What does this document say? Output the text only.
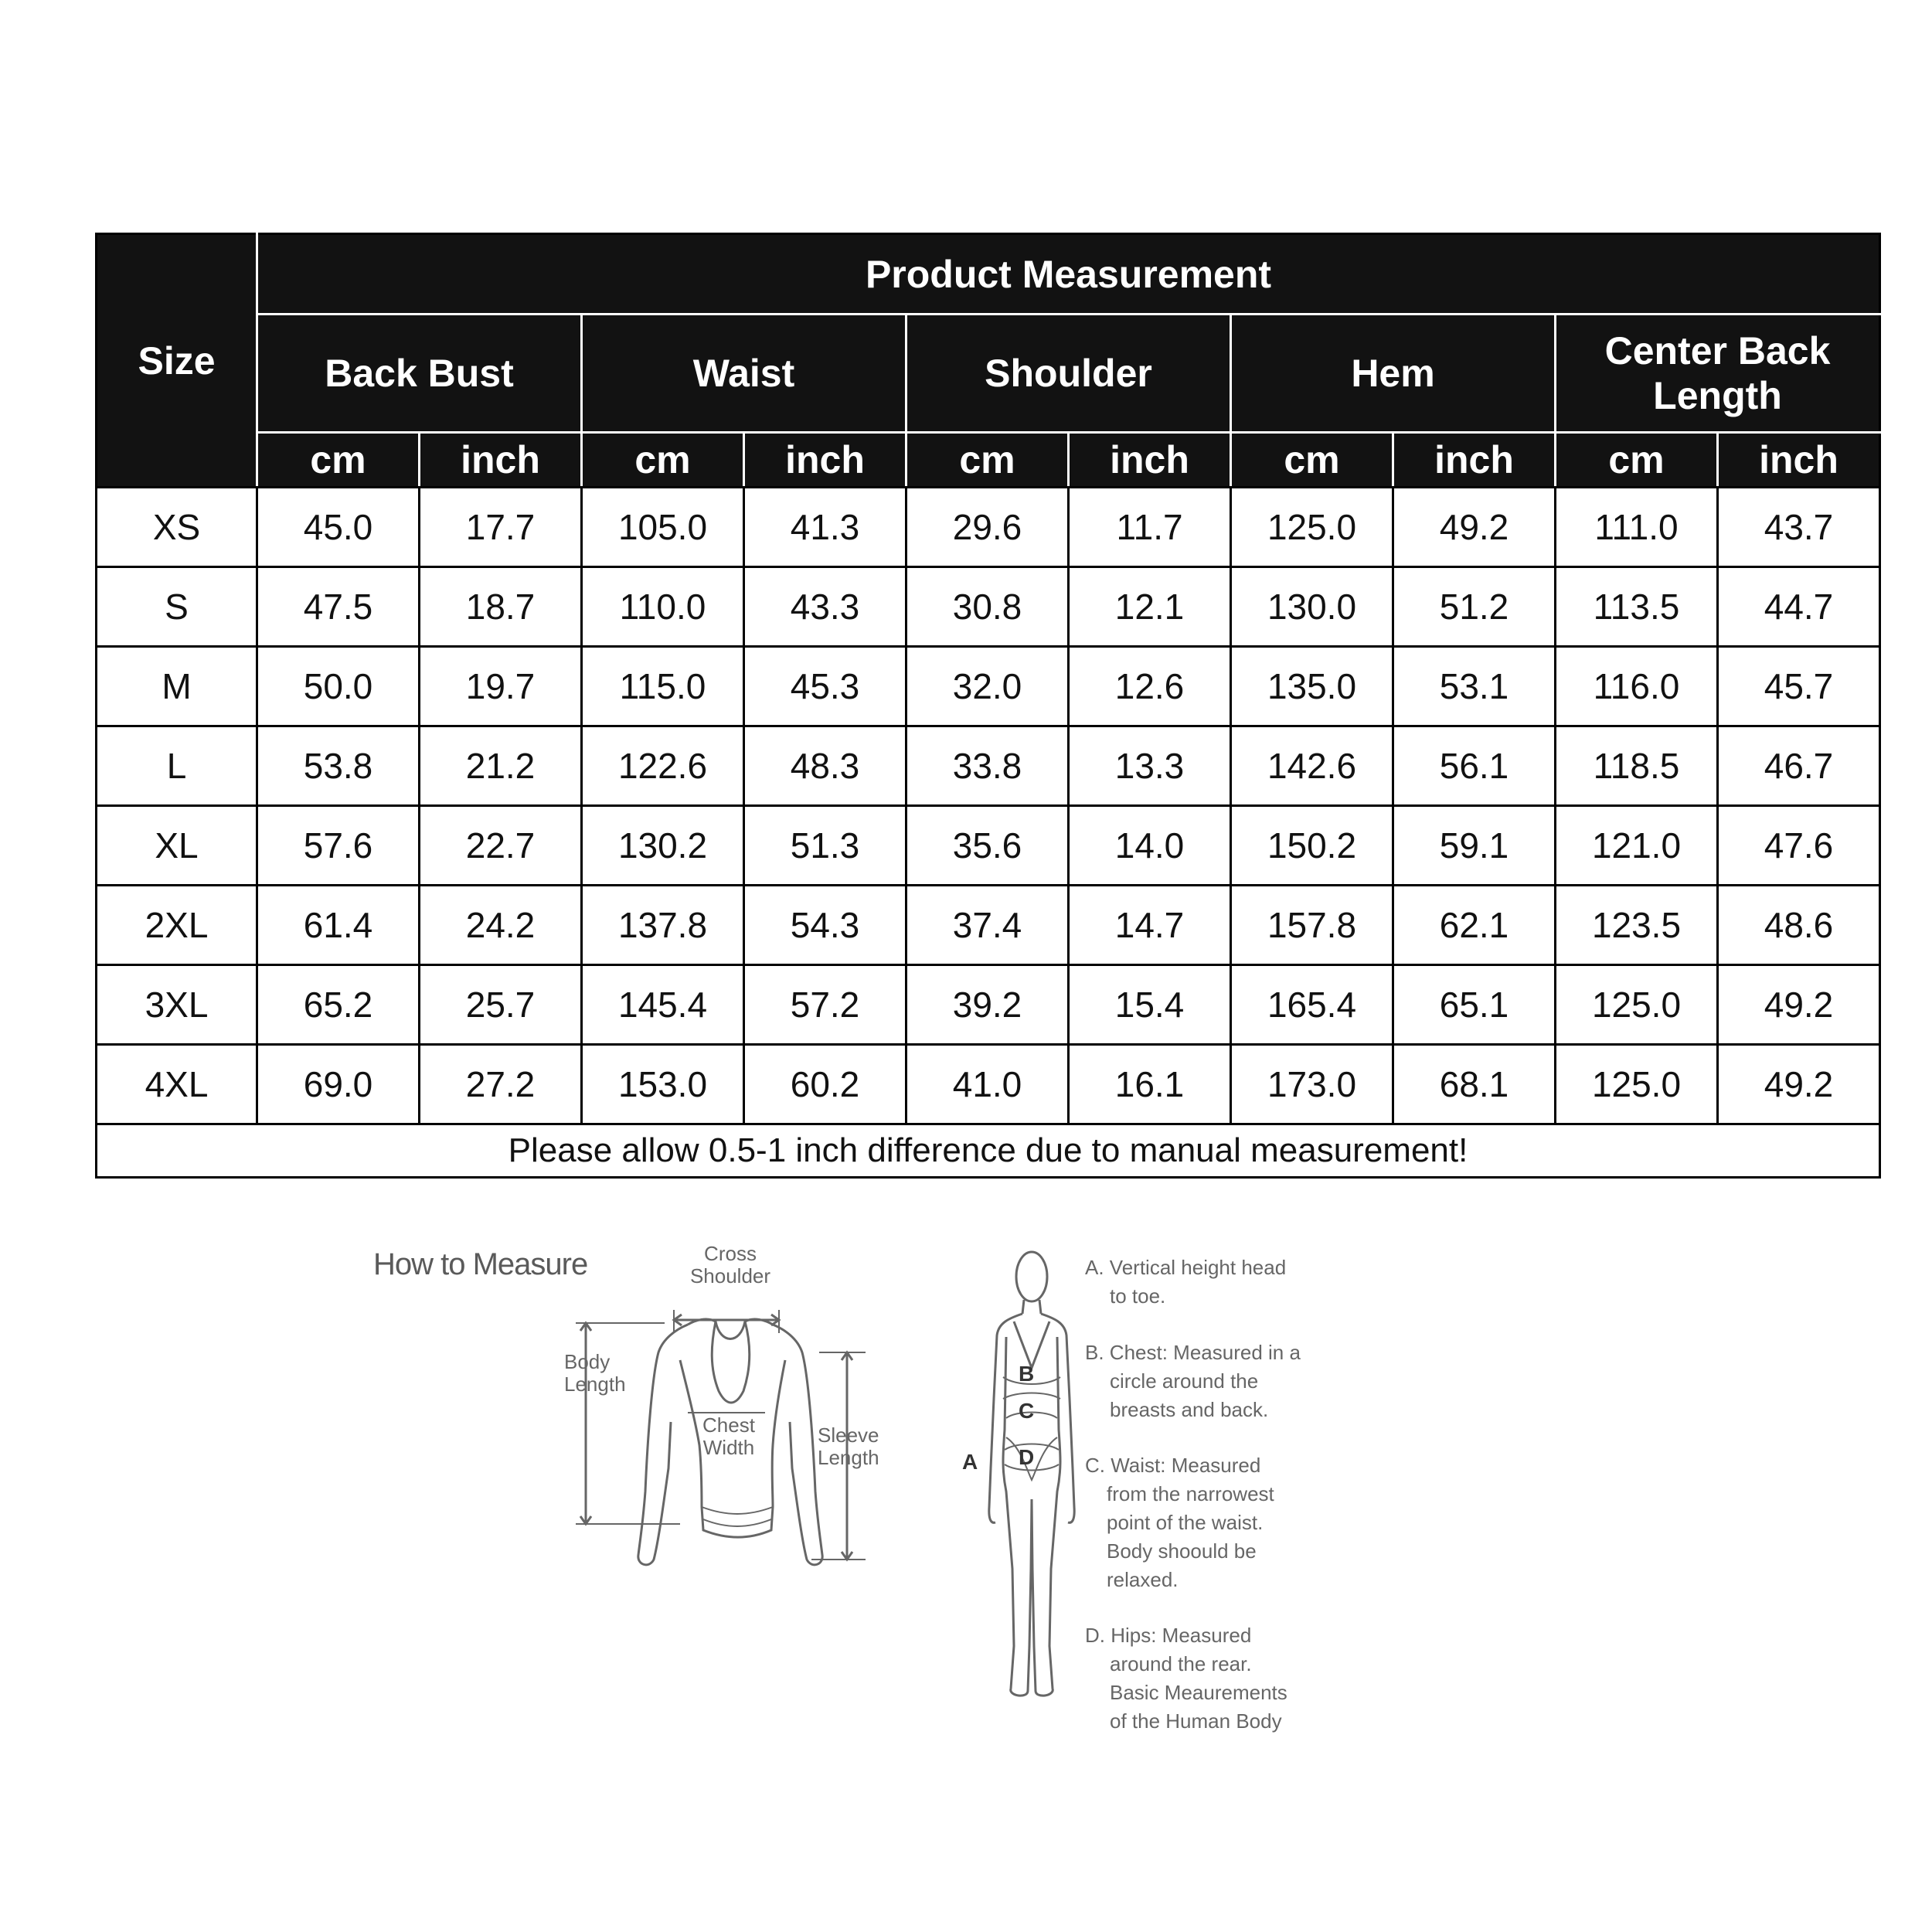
Size	Product Measurement									
	Back Bust		Waist		Shoulder		Hem		Center Back
Length	
	cm	inch	cm	inch	cm	inch	cm	inch	cm	inch
XS	45.0	17.7	105.0	41.3	29.6	11.7	125.0	49.2	111.0	43.7
S	47.5	18.7	110.0	43.3	30.8	12.1	130.0	51.2	113.5	44.7
M	50.0	19.7	115.0	45.3	32.0	12.6	135.0	53.1	116.0	45.7
L	53.8	21.2	122.6	48.3	33.8	13.3	142.6	56.1	118.5	46.7
XL	57.6	22.7	130.2	51.3	35.6	14.0	150.2	59.1	121.0	47.6
2XL	61.4	24.2	137.8	54.3	37.4	14.7	157.8	62.1	123.5	48.6
3XL	65.2	25.7	145.4	57.2	39.2	15.4	165.4	65.1	125.0	49.2
4XL	69.0	27.2	153.0	60.2	41.0	16.1	173.0	68.1	125.0	49.2
Please allow 0.5-1 inch difference due to manual measurement!										
How to Measure	Cross
Shoulder
Body
Length
Chest
Width
Sleeve
Length	A
B
C
D
A. Vertical height head
to toe.
B. Chest: Measured in a
circle around the
breasts and back.
C. Waist: Measured
from the narrowest
point of the waist.
Body shoould be
relaxed.
D. Hips: Measured
around the rear.
Basic Meaurements
of the Human Body
